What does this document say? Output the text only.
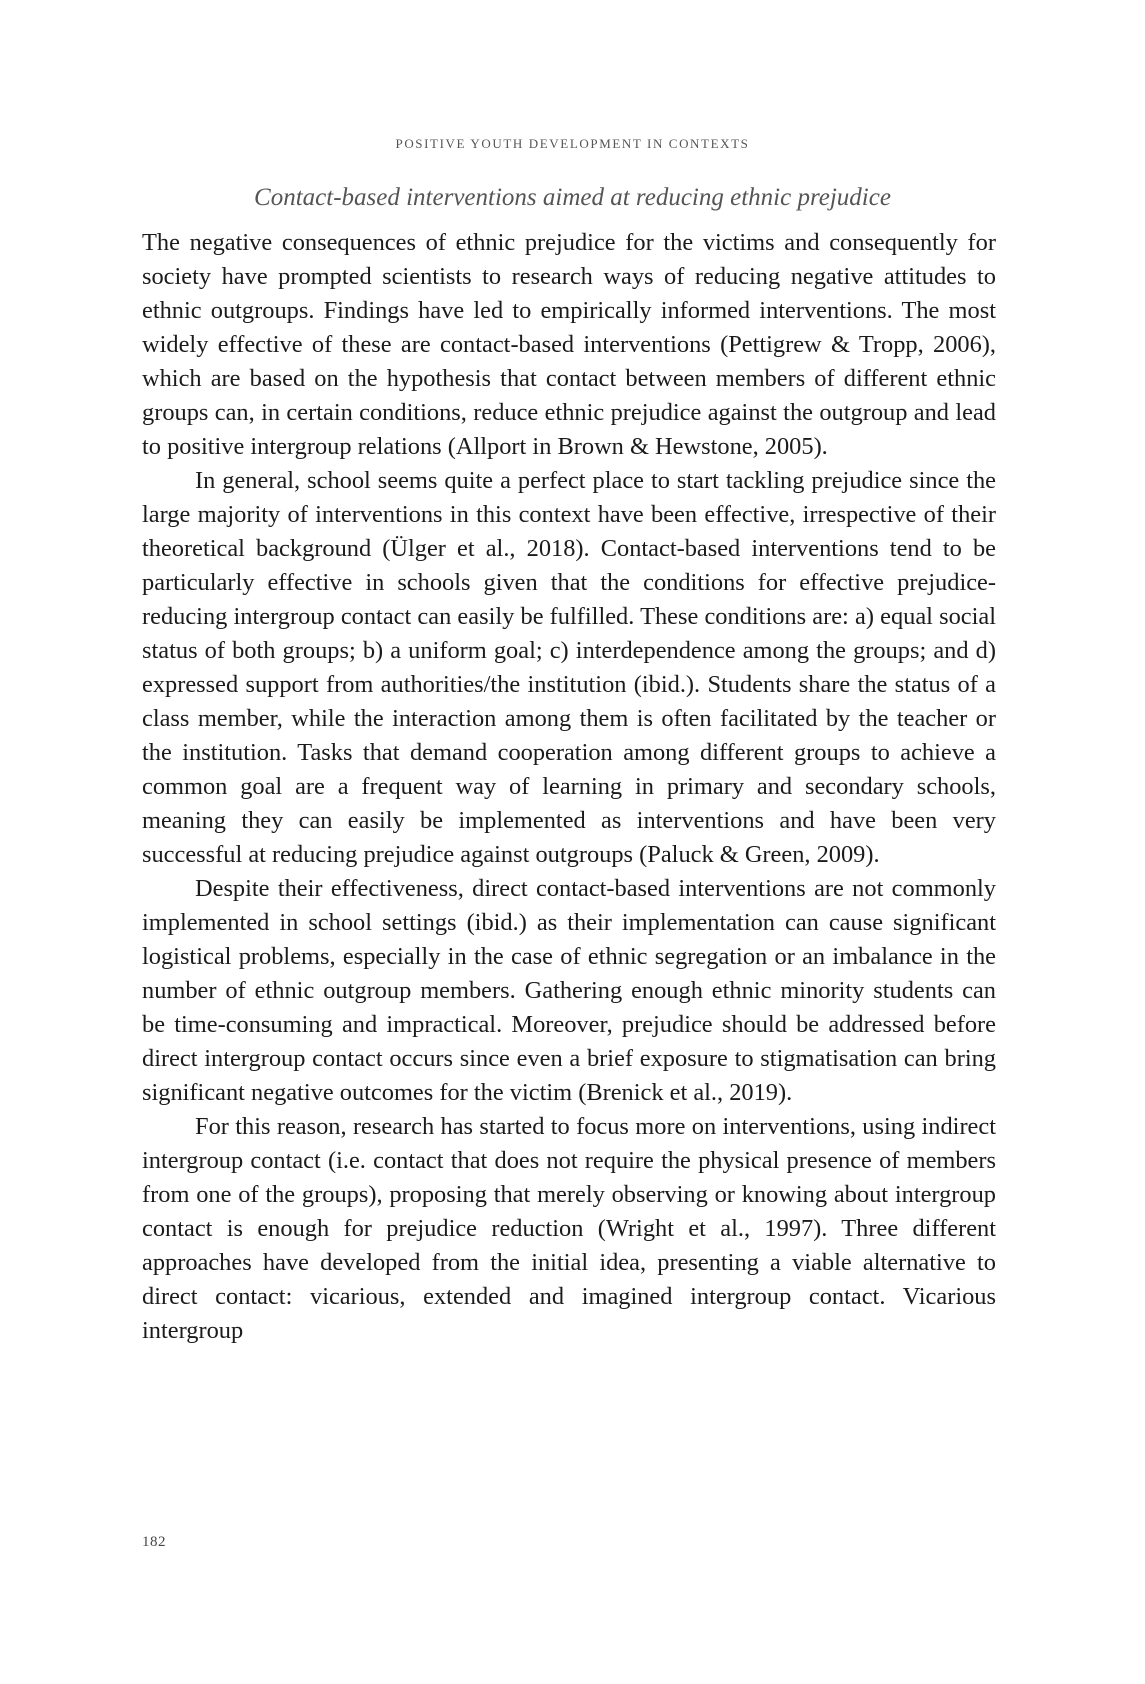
POSITIVE YOUTH DEVELOPMENT IN CONTEXTS
Contact-based interventions aimed at reducing ethnic prejudice

The negative consequences of ethnic prejudice for the victims and consequently for society have prompted scientists to research ways of reducing negative attitudes to ethnic outgroups. Findings have led to empirically informed interventions. The most widely effective of these are contact-based interventions (Pettigrew & Tropp, 2006), which are based on the hypothesis that contact between members of different ethnic groups can, in certain conditions, reduce ethnic prejudice against the outgroup and lead to positive intergroup relations (Allport in Brown & Hewstone, 2005).

In general, school seems quite a perfect place to start tackling prejudice since the large majority of interventions in this context have been effective, irrespective of their theoretical background (Ülger et al., 2018). Contact-based interventions tend to be particularly effective in schools given that the conditions for effective prejudice-reducing intergroup contact can easily be fulfilled. These conditions are: a) equal social status of both groups; b) a uniform goal; c) interdependence among the groups; and d) expressed support from authorities/the institution (ibid.). Students share the status of a class member, while the interaction among them is often facilitated by the teacher or the institution. Tasks that demand cooperation among different groups to achieve a common goal are a frequent way of learning in primary and secondary schools, meaning they can easily be implemented as interventions and have been very successful at reducing prejudice against outgroups (Paluck & Green, 2009).

Despite their effectiveness, direct contact-based interventions are not commonly implemented in school settings (ibid.) as their implementation can cause significant logistical problems, especially in the case of ethnic segregation or an imbalance in the number of ethnic outgroup members. Gathering enough ethnic minority students can be time-consuming and impractical. Moreover, prejudice should be addressed before direct intergroup contact occurs since even a brief exposure to stigmatisation can bring significant negative outcomes for the victim (Brenick et al., 2019).

For this reason, research has started to focus more on interventions, using indirect intergroup contact (i.e. contact that does not require the physical presence of members from one of the groups), proposing that merely observing or knowing about intergroup contact is enough for prejudice reduction (Wright et al., 1997). Three different approaches have developed from the initial idea, presenting a viable alternative to direct contact: vicarious, extended and imagined intergroup contact. Vicarious intergroup

182
